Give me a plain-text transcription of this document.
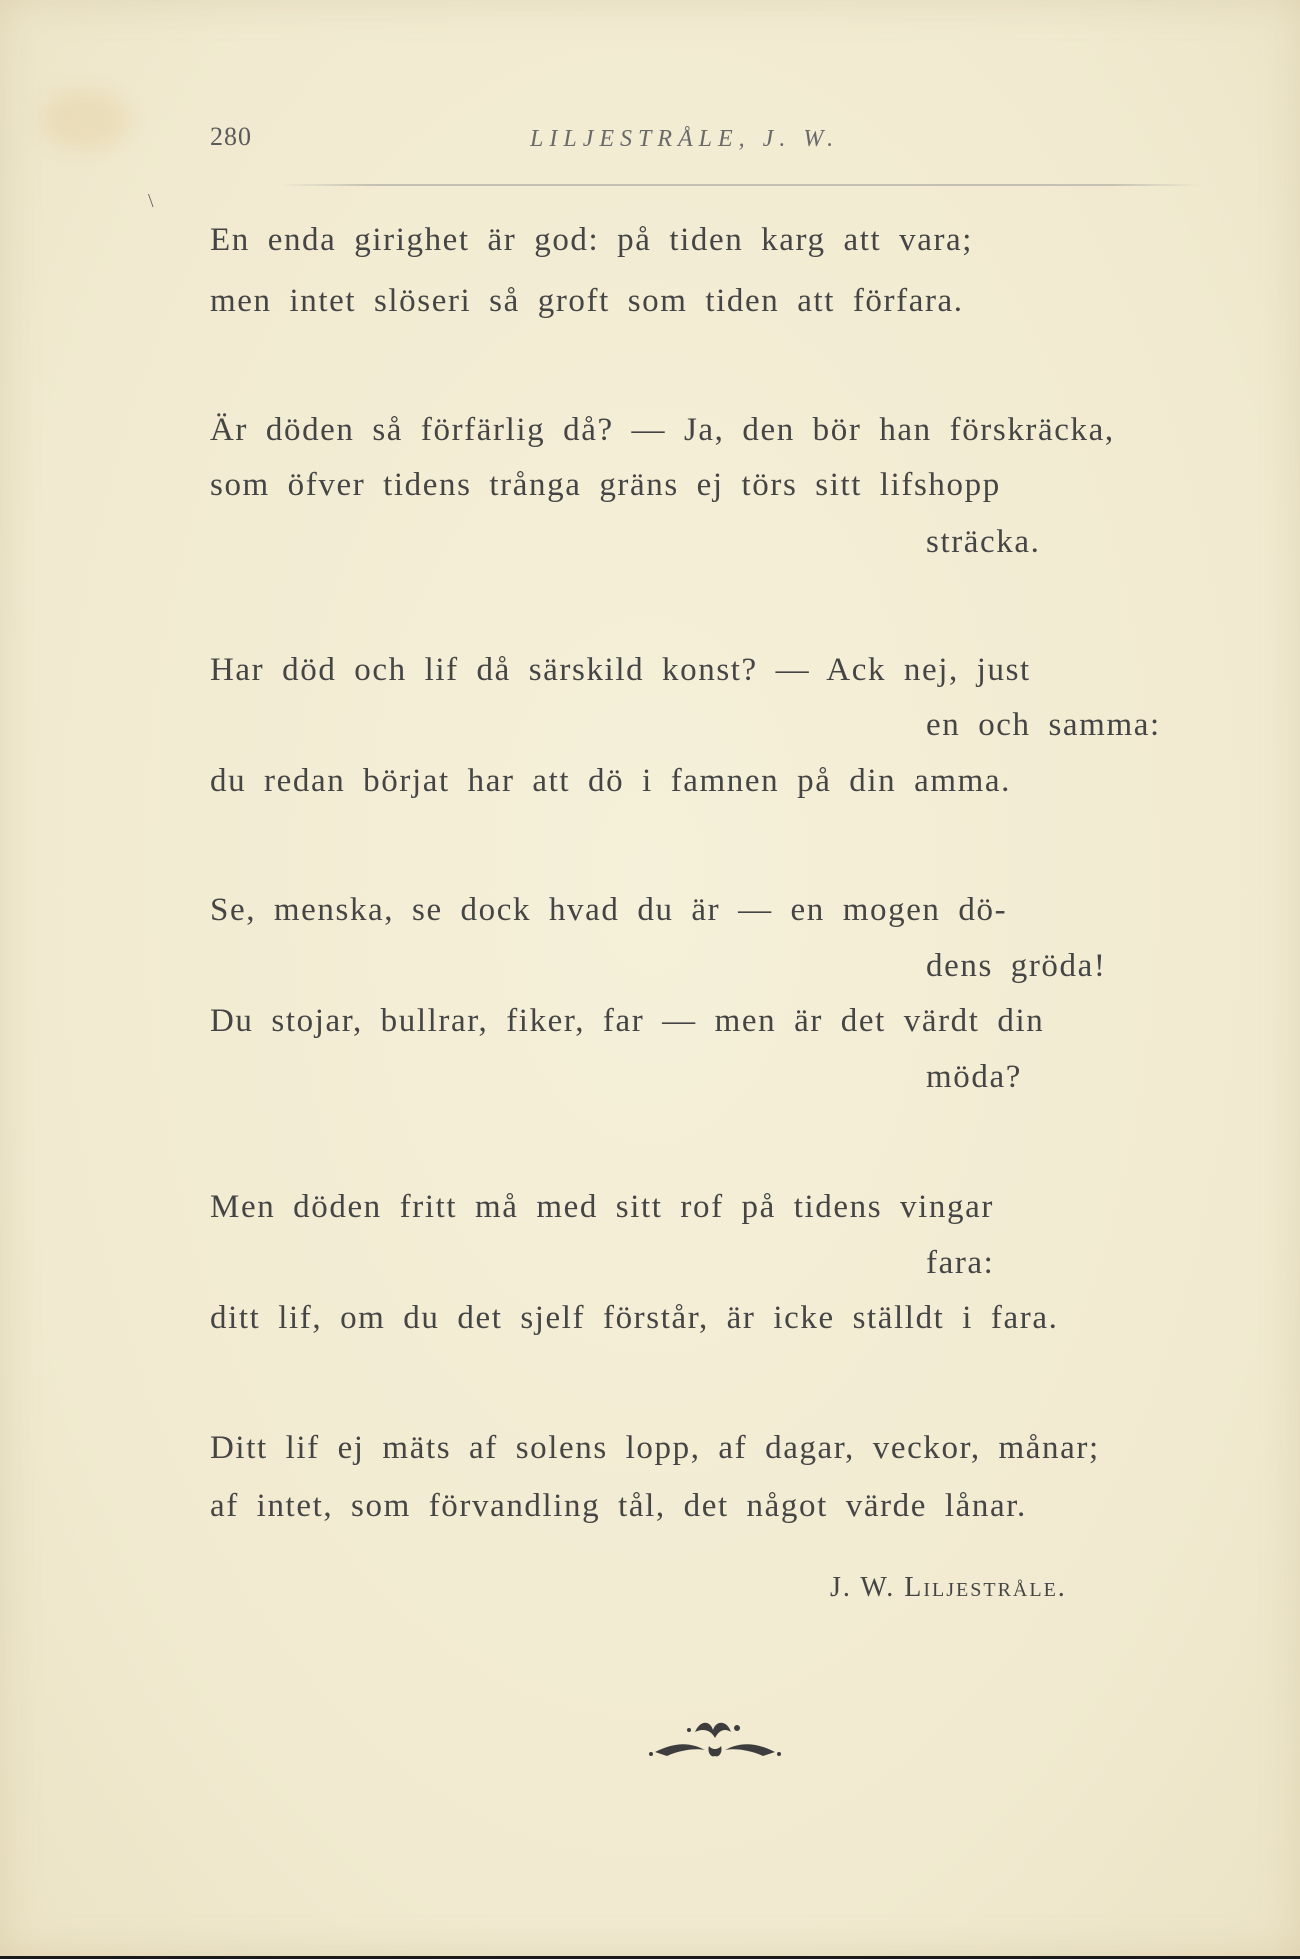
280	LILJESTRÅLE, J. W.
\
En enda girighet är god: på tiden karg att vara;
men intet slöseri så groft som tiden att förfara.
Är döden så förfärlig då? — Ja, den bör han förskräcka,
som öfver tidens trånga gräns ej törs sitt lifshopp
sträcka.
Har död och lif då särskild konst? — Ack nej, just
en och samma:
du redan börjat har att dö i famnen på din amma.
Se, menska, se dock hvad du är — en mogen dö-
dens gröda!
Du stojar, bullrar, fiker, far — men är det värdt din
möda?
Men döden fritt må med sitt rof på tidens vingar
fara:
ditt lif, om du det sjelf förstår, är icke ställdt i fara.
Ditt lif ej mäts af solens lopp, af dagar, veckor, månar;
af intet, som förvandling tål, det något värde lånar.
J. W. Liljestråle.
